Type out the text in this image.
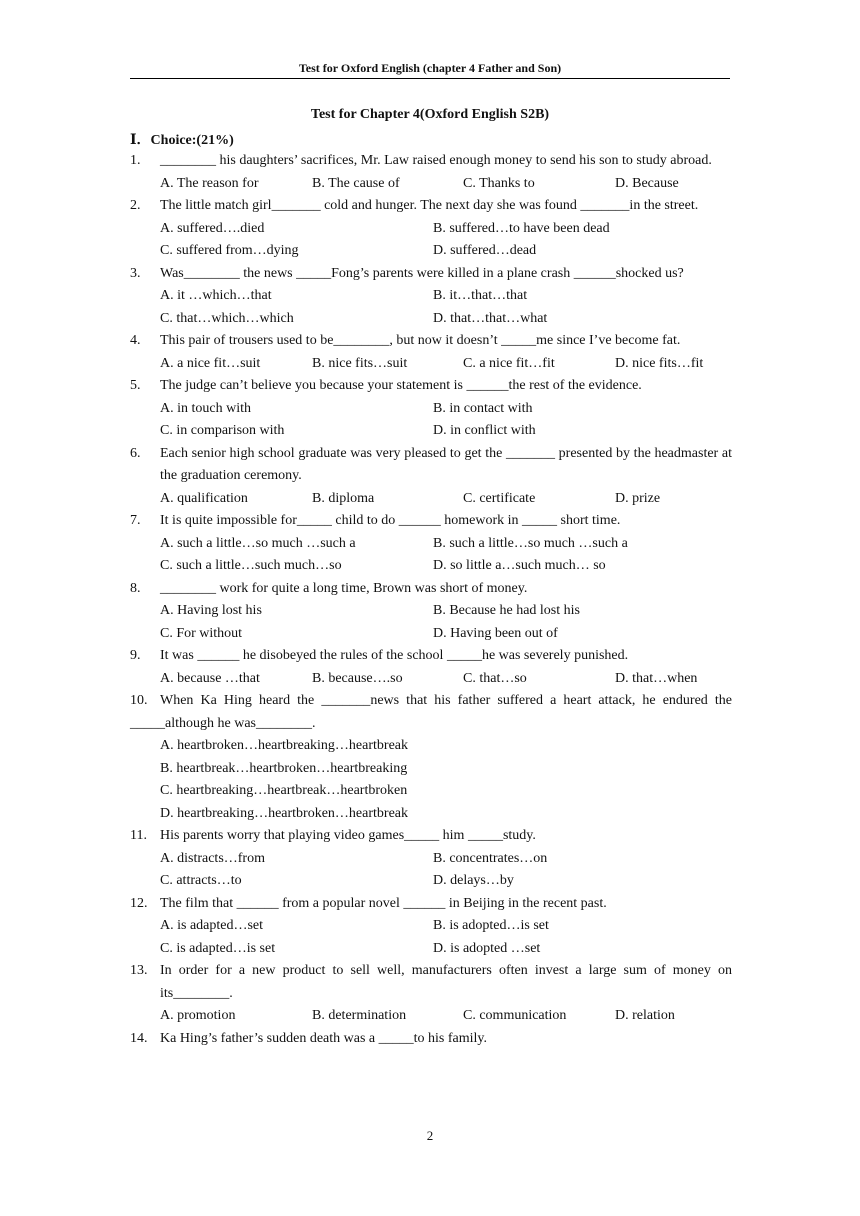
Test for Oxford English (chapter 4 Father and Son)
Test for Chapter 4(Oxford English S2B)
Ⅰ．Choice:(21%)
1. ________ his daughters’ sacrifices, Mr. Law raised enough money to send his son to study abroad.
A. The reason for	B. The cause of	C. Thanks to	D. Because
2. The little match girl_______ cold and hunger. The next day she was found _______in the street.
A. suffered….died	B. suffered…to have been dead
C. suffered from…dying	D. suffered…dead
3. Was________ the news _____Fong’s parents were killed in a plane crash ______shocked us?
A. it …which…that	B. it…that…that
C. that…which…which	D. that…that…what
4. This pair of trousers used to be________, but now it doesn’t _____me since I’ve become fat.
A. a nice fit…suit	B. nice fits…suit	C. a nice fit…fit	D. nice fits…fit
5. The judge can’t believe you because your statement is ______the rest of the evidence.
A. in touch with	B. in contact with
C. in comparison with	D. in conflict with
6. Each senior high school graduate was very pleased to get the _______ presented by the headmaster at the graduation ceremony.
A. qualification	B. diploma	C. certificate	D. prize
7. It is quite impossible for_____ child to do ______ homework in _____ short time.
A. such a little…so much …such a	B. such a little…so much …such a
C. such a little…such much…so	D. so little a…such much… so
8. ________ work for quite a long time, Brown was short of money.
A. Having lost his	B. Because he had lost his
C. For without	D. Having been out of
9. It was ______ he disobeyed the rules of the school _____he was severely punished.
A. because …that	B. because….so	C. that…so	D. that…when
10. When Ka Hing heard the _______news that his father suffered a heart attack, he endured the
_____although he was________.
A. heartbroken…heartbreaking…heartbreak
B. heartbreak…heartbroken…heartbreaking
C. heartbreaking…heartbreak…heartbroken
D. heartbreaking…heartbroken…heartbreak
11. His parents worry that playing video games_____ him _____study.
A. distracts…from	B. concentrates…on
C. attracts…to	D. delays…by
12. The film that ______ from a popular novel ______ in Beijing in the recent past.
A. is adapted…set	B. is adopted…is set
C. is adapted…is set	D. is adopted …set
13. In order for a new product to sell well, manufacturers often invest a large sum of money on its________.
A. promotion	B. determination	C. communication	D. relation
14. Ka Hing’s father’s sudden death was a _____to his family.
2
